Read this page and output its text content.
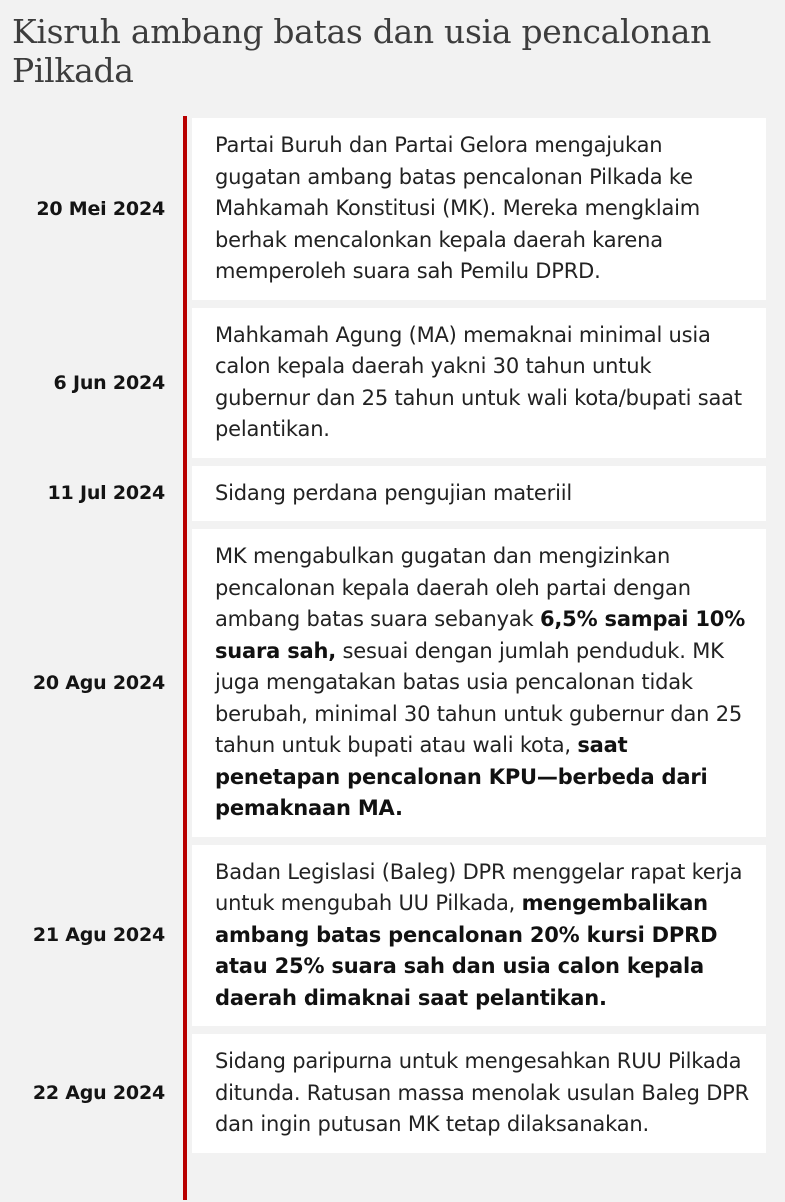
Kisruh ambang batas dan usia pencalonan Pilkada
20 Mei 2024
Partai Buruh dan Partai Gelora mengajukan gugatan ambang batas pencalonan Pilkada ke Mahkamah Konstitusi (MK). Mereka mengklaim berhak mencalonkan kepala daerah karena memperoleh suara sah Pemilu DPRD.
6 Jun 2024
Mahkamah Agung (MA) memaknai minimal usia calon kepala daerah yakni 30 tahun untuk gubernur dan 25 tahun untuk wali kota/bupati saat pelantikan.
11 Jul 2024	Sidang perdana pengujian materiil
20 Agu 2024
MK mengabulkan gugatan dan mengizinkan pencalonan kepala daerah oleh partai dengan ambang batas suara sebanyak 6,5% sampai 10% suara sah, sesuai dengan jumlah penduduk. MK juga mengatakan batas usia pencalonan tidak berubah, minimal 30 tahun untuk gubernur dan 25 tahun untuk bupati atau wali kota, saat penetapan pencalonan KPU—berbeda dari pemaknaan MA.
21 Agu 2024
Badan Legislasi (Baleg) DPR menggelar rapat kerja untuk mengubah UU Pilkada, mengembalikan ambang batas pencalonan 20% kursi DPRD atau 25% suara sah dan usia calon kepala daerah dimaknai saat pelantikan.
22 Agu 2024
Sidang paripurna untuk mengesahkan RUU Pilkada ditunda. Ratusan massa menolak usulan Baleg DPR dan ingin putusan MK tetap dilaksanakan.
